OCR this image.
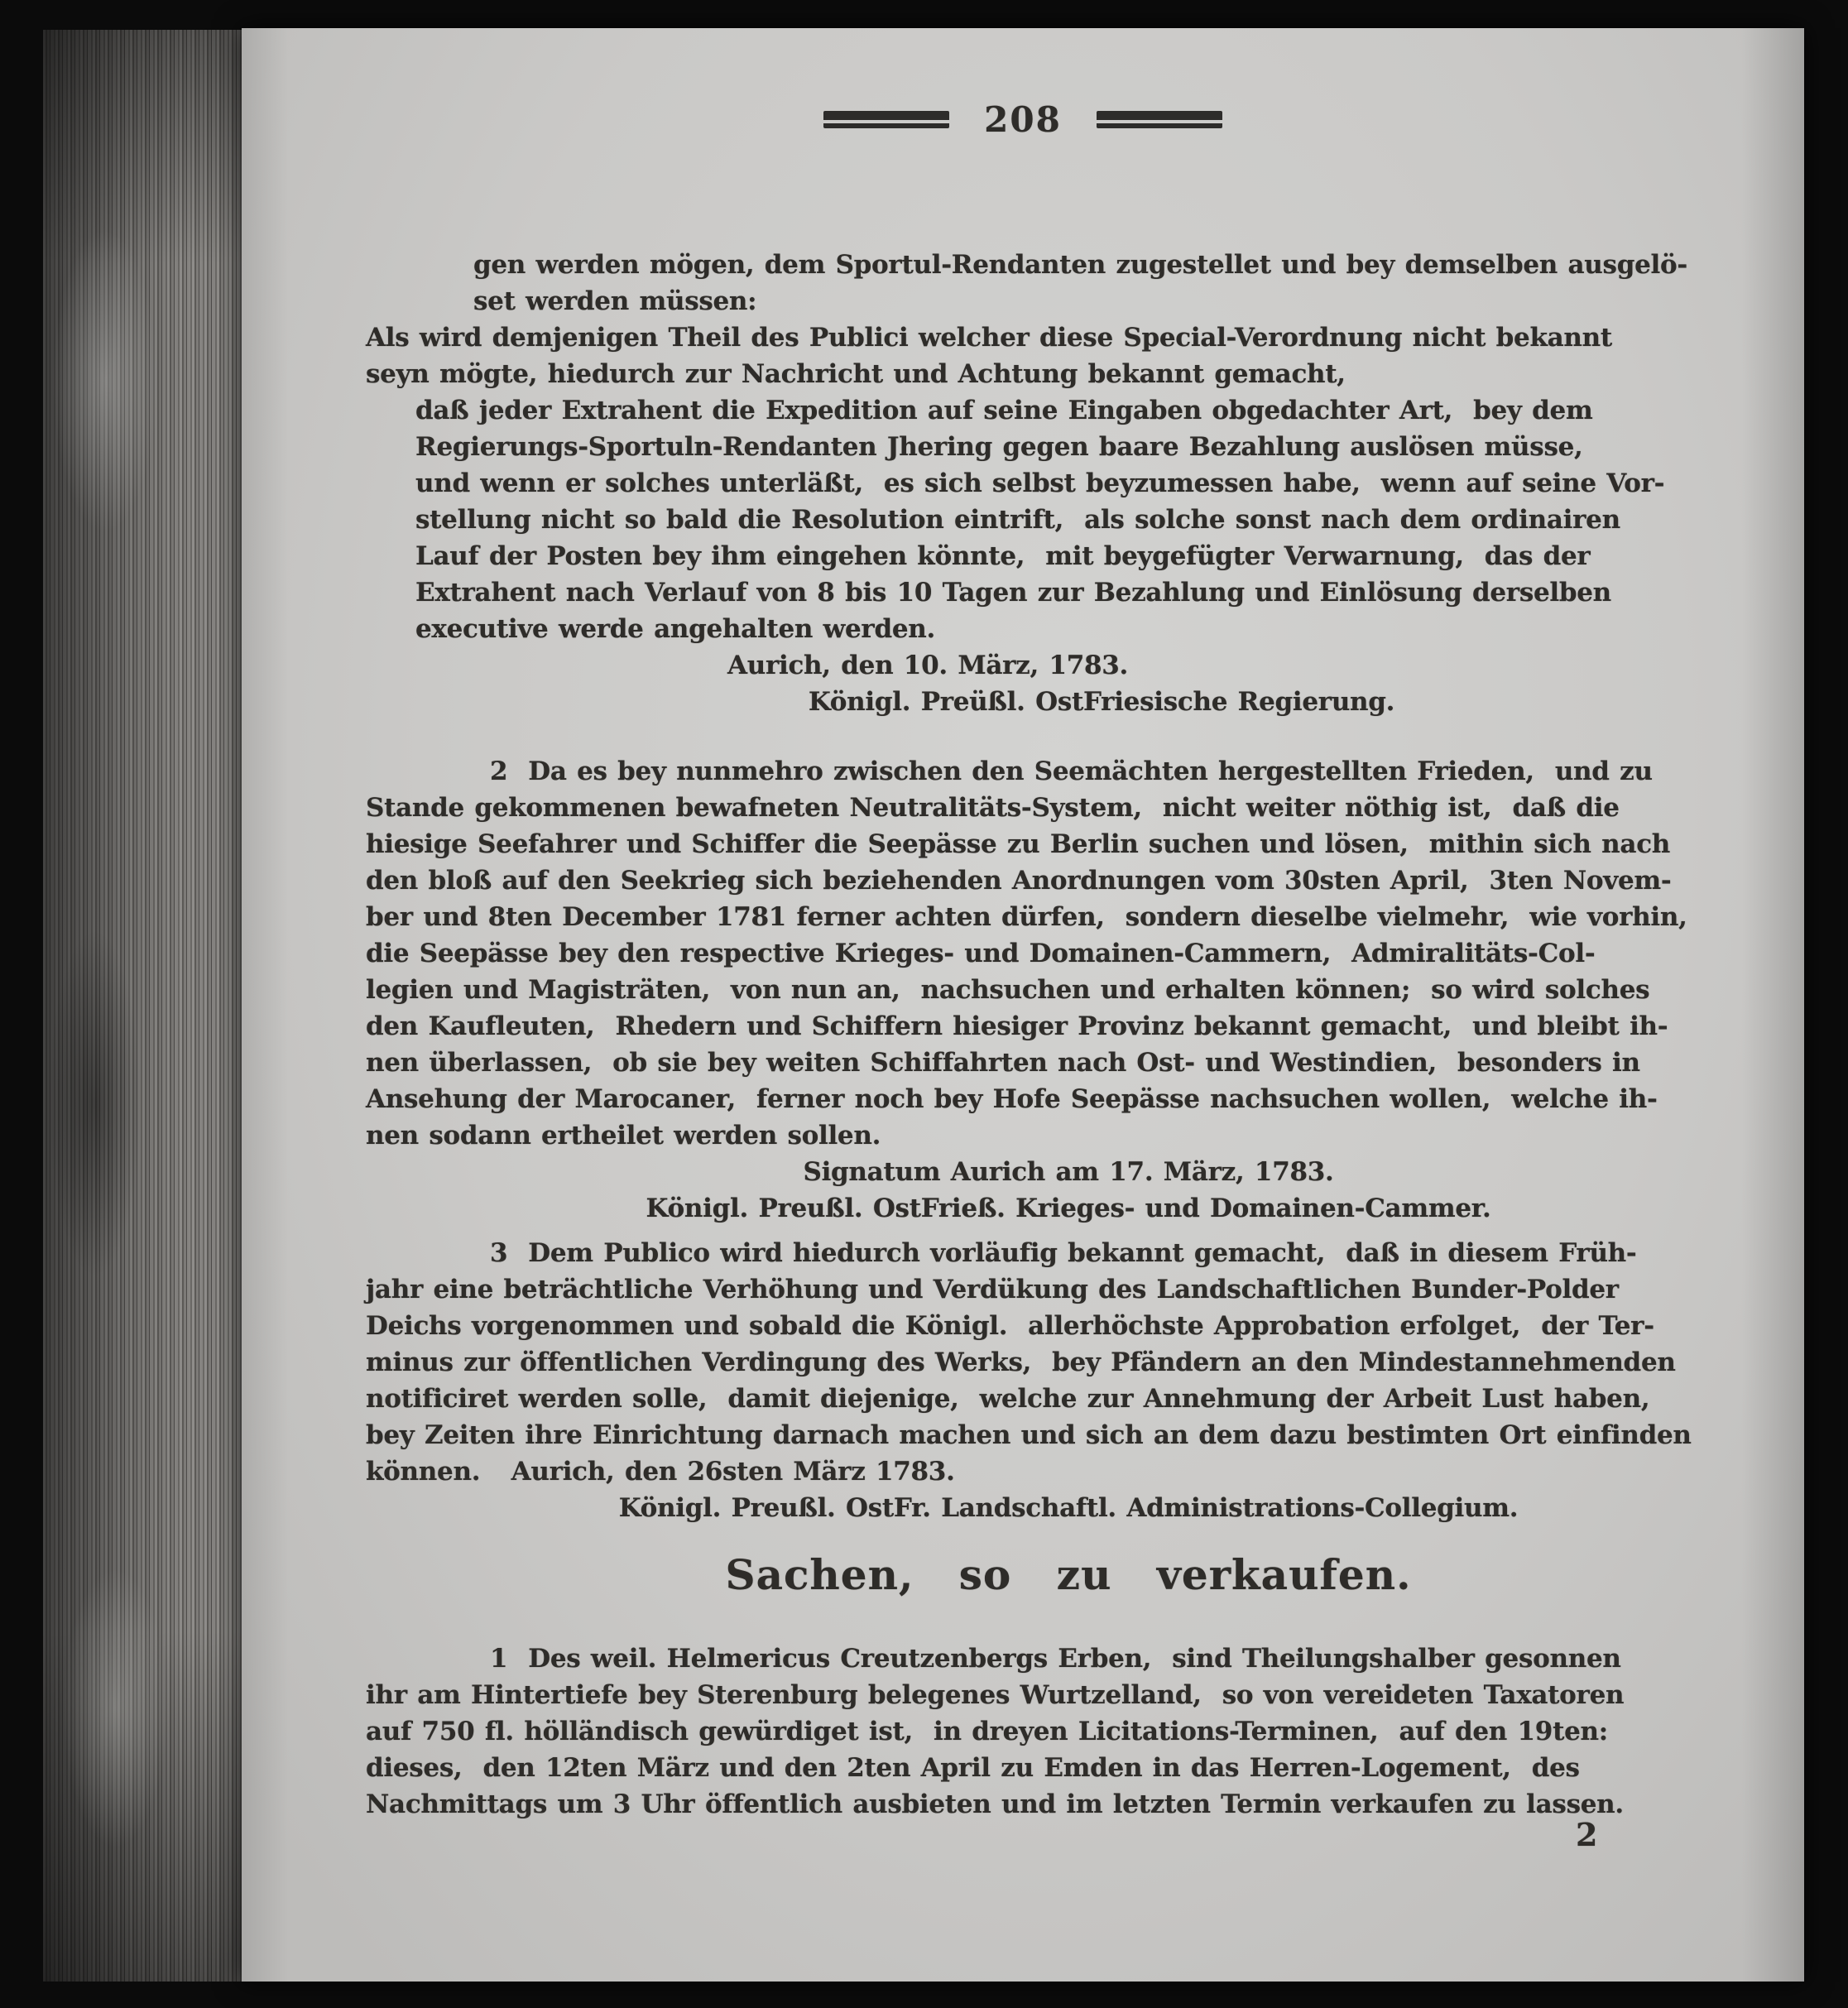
208
gen werden mögen, dem Sportul-Rendanten zugestellet und bey demselben ausgelö-
set werden müssen:
Als wird demjenigen Theil des Publici welcher diese Special-Verordnung nicht bekannt
seyn mögte, hiedurch zur Nachricht und Achtung bekannt gemacht,
daß jeder Extrahent die Expedition auf seine Eingaben obgedachter Art,  bey dem
Regierungs-Sportuln-Rendanten Jhering gegen baare Bezahlung auslösen müsse,
und wenn er solches unterläßt,  es sich selbst beyzumessen habe,  wenn auf seine Vor-
stellung nicht so bald die Resolution eintrift,  als solche sonst nach dem ordinairen
Lauf der Posten bey ihm eingehen könnte,  mit beygefügter Verwarnung,  das der
Extrahent nach Verlauf von 8 bis 10 Tagen zur Bezahlung und Einlösung derselben
executive werde angehalten werden.
Aurich, den 10. März, 1783.
Königl. Preüßl. OstFriesische Regierung.
2  Da es bey nunmehro zwischen den Seemächten hergestellten Frieden,  und zu
Stande gekommenen bewafneten Neutralitäts-System,  nicht weiter nöthig ist,  daß die
hiesige Seefahrer und Schiffer die Seepässe zu Berlin suchen und lösen,  mithin sich nach
den bloß auf den Seekrieg sich beziehenden Anordnungen vom 30sten April,  3ten Novem-
ber und 8ten December 1781 ferner achten dürfen,  sondern dieselbe vielmehr,  wie vorhin,
die Seepässe bey den respective Krieges- und Domainen-Cammern,  Admiralitäts-Col-
legien und Magisträten,  von nun an,  nachsuchen und erhalten können;  so wird solches
den Kaufleuten,  Rhedern und Schiffern hiesiger Provinz bekannt gemacht,  und bleibt ih-
nen überlassen,  ob sie bey weiten Schiffahrten nach Ost- und Westindien,  besonders in
Ansehung der Marocaner,  ferner noch bey Hofe Seepässe nachsuchen wollen,  welche ih-
nen sodann ertheilet werden sollen.
Signatum Aurich am 17. März, 1783.
Königl. Preußl. OstFrieß. Krieges- und Domainen-Cammer.
3  Dem Publico wird hiedurch vorläufig bekannt gemacht,  daß in diesem Früh-
jahr eine beträchtliche Verhöhung und Verdükung des Landschaftlichen Bunder-Polder
Deichs vorgenommen und sobald die Königl.  allerhöchste Approbation erfolget,  der Ter-
minus zur öffentlichen Verdingung des Werks,  bey Pfändern an den Mindestannehmenden
notificiret werden solle,  damit diejenige,  welche zur Annehmung der Arbeit Lust haben,
bey Zeiten ihre Einrichtung darnach machen und sich an dem dazu bestimten Ort einfinden
können.   Aurich, den 26sten März 1783.
Königl. Preußl. OstFr. Landschaftl. Administrations-Collegium.
Sachen, so zu verkaufen.
1  Des weil. Helmericus Creutzenbergs Erben,  sind Theilungshalber gesonnen
ihr am Hintertiefe bey Sterenburg belegenes Wurtzelland,  so von vereideten Taxatoren
auf 750 fl. hölländisch gewürdiget ist,  in dreyen Licitations-Terminen,  auf den 19ten:
dieses,  den 12ten März und den 2ten April zu Emden in das Herren-Logement,  des
Nachmittags um 3 Uhr öffentlich ausbieten und im letzten Termin verkaufen zu lassen.
2
